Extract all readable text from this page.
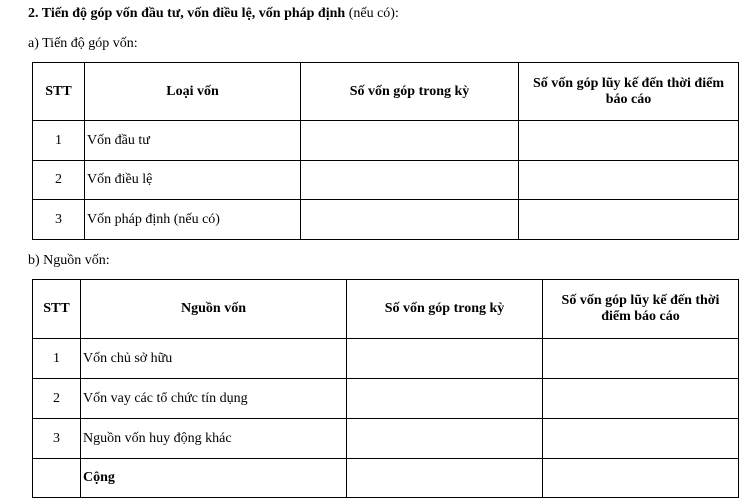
2. Tiến độ góp vốn đầu tư, vốn điều lệ, vốn pháp định (nếu có):
a) Tiến độ góp vốn:
STT	Loại vốn	Số vốn góp trong kỳ	Số vốn góp lũy kế đến thời điểm báo cáo
1	Vốn đầu tư		
2	Vốn điều lệ		
3	Vốn pháp định (nếu có)		
b) Nguồn vốn:
STT	Nguồn vốn	Số vốn góp trong kỳ	Số vốn góp lũy kế đến thời điểm báo cáo
1	Vốn chủ sở hữu		
2	Vốn vay các tổ chức tín dụng		
3	Nguồn vốn huy động khác		
	Cộng		
